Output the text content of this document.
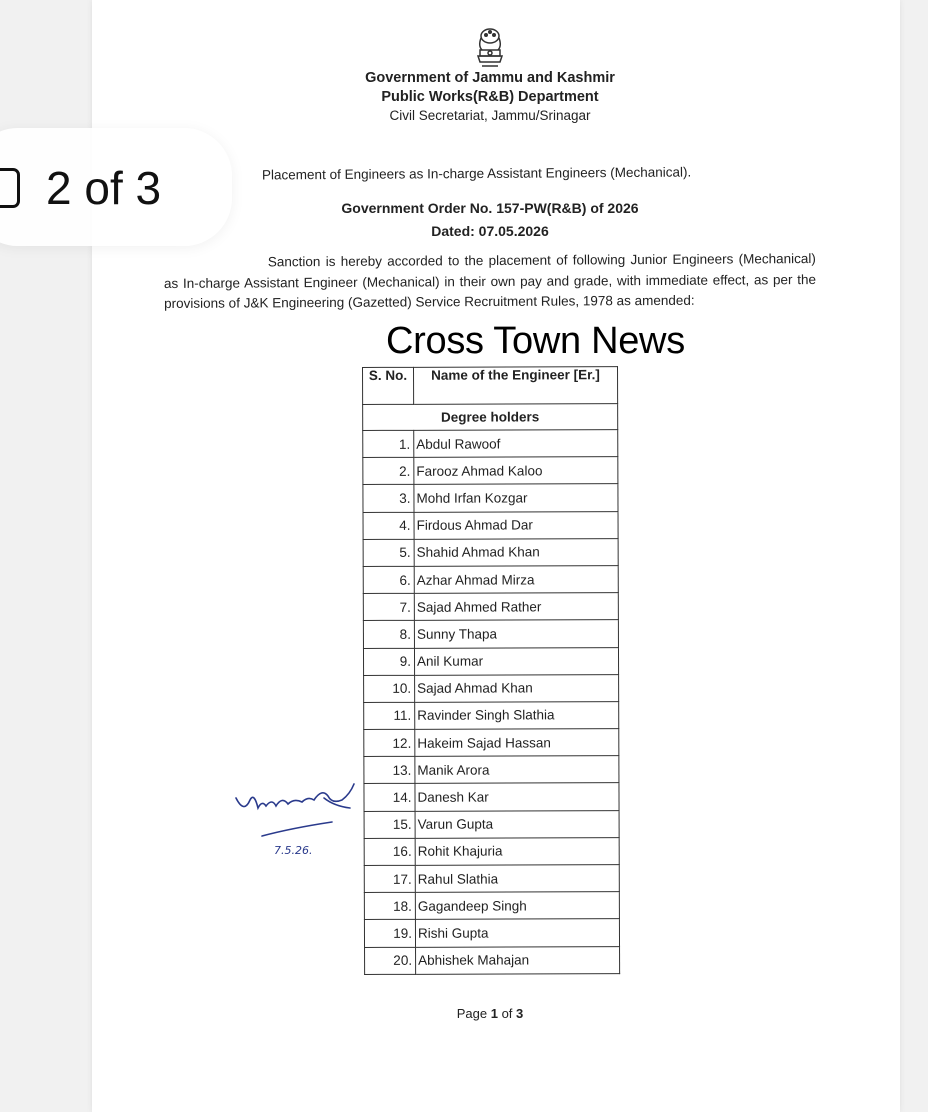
Government of Jammu and Kashmir
Public Works(R&B) Department
Civil Secretariat, Jammu/Srinagar
Placement of Engineers as In-charge Assistant Engineers (Mechanical).
Government Order No. 157-PW(R&B) of 2026
Dated: 07.05.2026
Sanction is hereby accorded to the placement of following Junior Engineers (Mechanical) as In-charge Assistant Engineer (Mechanical) in their own pay and grade, with immediate effect, as per the provisions of J&K Engineering (Gazetted) Service Recruitment Rules, 1978 as amended:
S. No.	Name of the Engineer [Er.]
Degree holders	
1.	Abdul Rawoof
2.	Farooz Ahmad Kaloo
3.	Mohd Irfan Kozgar
4.	Firdous Ahmad Dar
5.	Shahid Ahmad Khan
6.	Azhar Ahmad Mirza
7.	Sajad Ahmed Rather
8.	Sunny Thapa
9.	Anil Kumar
10.	Sajad Ahmad Khan
11.	Ravinder Singh Slathia
12.	Hakeim Sajad Hassan
13.	Manik Arora
14.	Danesh Kar
15.	Varun Gupta
16.	Rohit Khajuria
17.	Rahul Slathia
18.	Gagandeep Singh
19.	Rishi Gupta
20.	Abhishek Mahajan
Cross Town News
7.5.26.
Page 1 of 3
2 of 3
